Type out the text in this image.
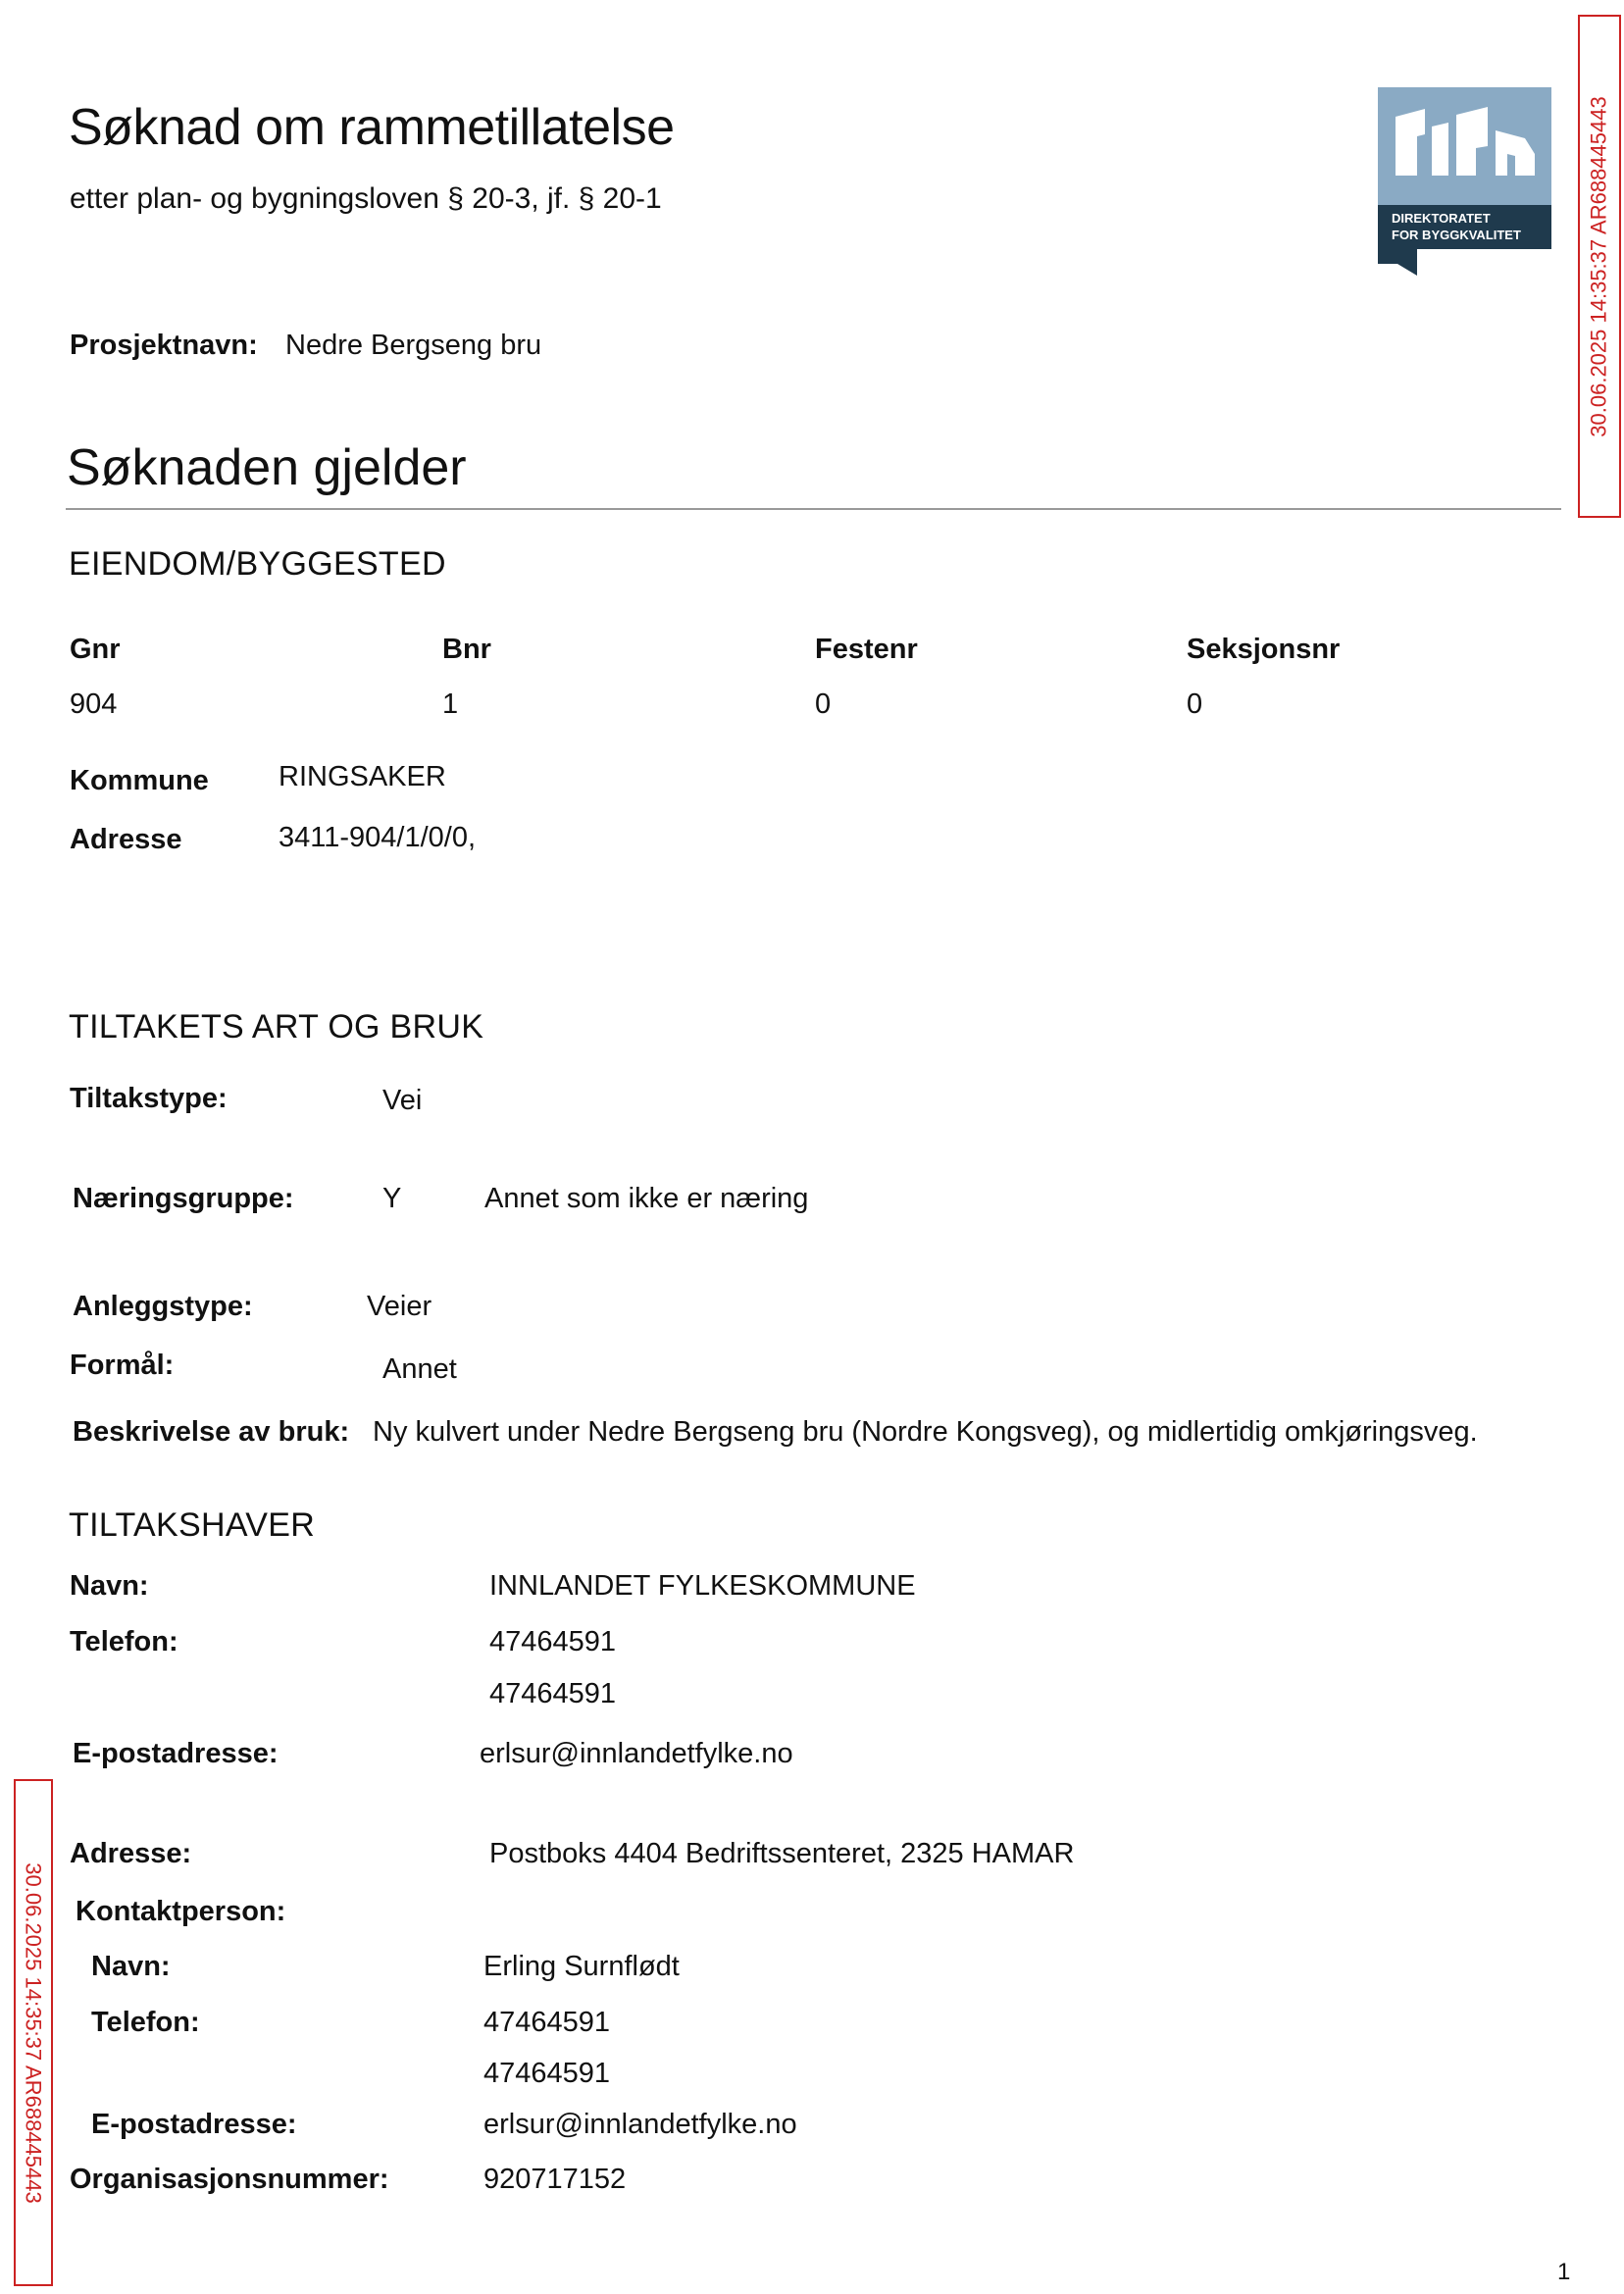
Søknad om rammetillatelse
etter plan- og bygningsloven § 20-3, jf. § 20-1
DIREKTORATET
FOR BYGGKVALITET	30.06.2025 14:35:37 AR688445443
30.06.2025 14:35:37 AR688445443
Prosjektnavn: Nedre Bergseng bru
Søknaden gjelder
EIENDOM/BYGGESTED
Gnr	Bnr	Festenr	Seksjonsnr
904	1	0	0
Kommune RINGSAKER
Adresse	3411-904/1/0/0,
TILTAKETS ART OG BRUK
Tiltakstype:	Vei
Næringsgruppe:	Y	Annet som ikke er næring
Anleggstype:	Veier
Formål:	Annet
Beskrivelse av bruk: Ny kulvert under Nedre Bergseng bru (Nordre Kongsveg), og midlertidig omkjøringsveg.
TILTAKSHAVER
Navn:	INNLANDET FYLKESKOMMUNE
Telefon:	47464591
47464591
E-postadresse:	erlsur@innlandetfylke.no
Adresse:	Postboks 4404 Bedriftssenteret, 2325 HAMAR
Kontaktperson:
Navn:	Erling Surnflødt
Telefon:	47464591
47464591
E-postadresse:	erlsur@innlandetfylke.no
Organisasjonsnummer:	920717152
1
